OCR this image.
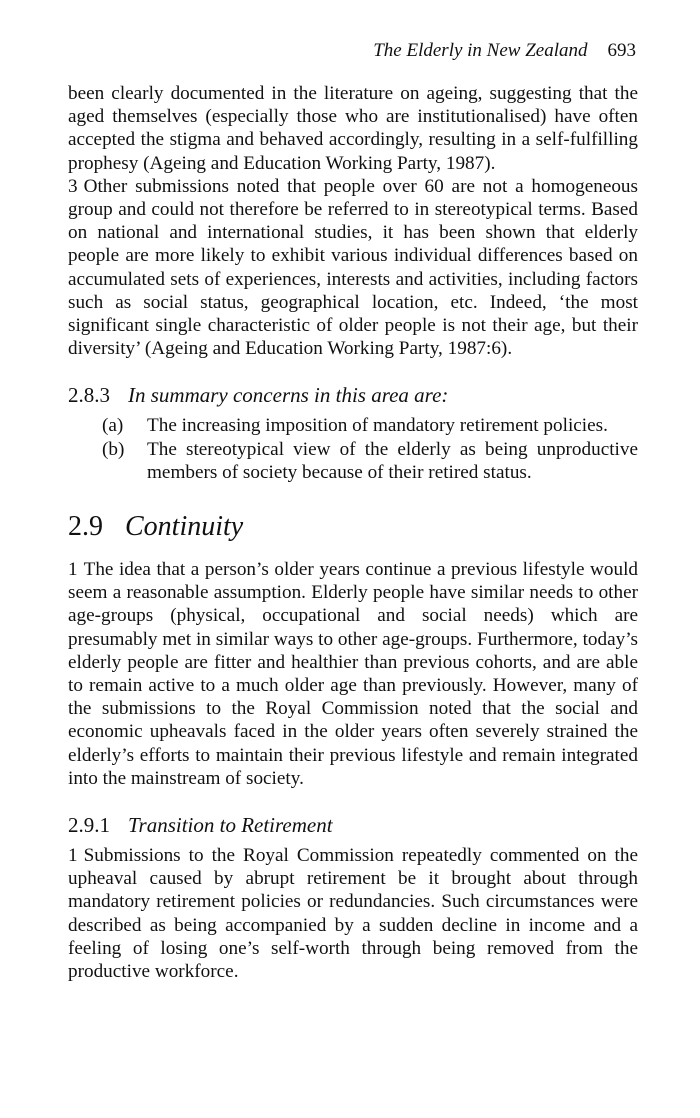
The Elderly in New Zealand 693

been clearly documented in the literature on ageing, suggesting that the aged themselves (especially those who are institutionalised) have often accepted the stigma and behaved accordingly, resulting in a self-fulfilling prophesy (Ageing and Education Working Party, 1987).

3 Other submissions noted that people over 60 are not a homogeneous group and could not therefore be referred to in stereotypical terms. Based on national and international studies, it has been shown that elderly people are more likely to exhibit various individual differences based on accumulated sets of experiences, interests and activities, including factors such as social status, geographical location, etc. Indeed, ‘the most significant single characteristic of older people is not their age, but their diversity’ (Ageing and Education Working Party, 1987:6).

2.8.3 In summary concerns in this area are:
(a)	The increasing imposition of mandatory retirement policies.
(b)	The stereotypical view of the elderly as being unproductive members of society because of their retired status.
2.9 Continuity

1 The idea that a person’s older years continue a previous lifestyle would seem a reasonable assumption. Elderly people have similar needs to other age-groups (physical, occupational and social needs) which are presumably met in similar ways to other age-groups. Furthermore, today’s elderly people are fitter and healthier than previous cohorts, and are able to remain active to a much older age than previously. However, many of the submissions to the Royal Commission noted that the social and economic upheavals faced in the older years often severely strained the elderly’s efforts to maintain their previous lifestyle and remain integrated into the mainstream of society.

2.9.1 Transition to Retirement

1 Submissions to the Royal Commission repeatedly commented on the upheaval caused by abrupt retirement be it brought about through mandatory retirement policies or redundancies. Such circumstances were described as being accompanied by a sudden decline in income and a feeling of losing one’s self-worth through being removed from the productive workforce.
